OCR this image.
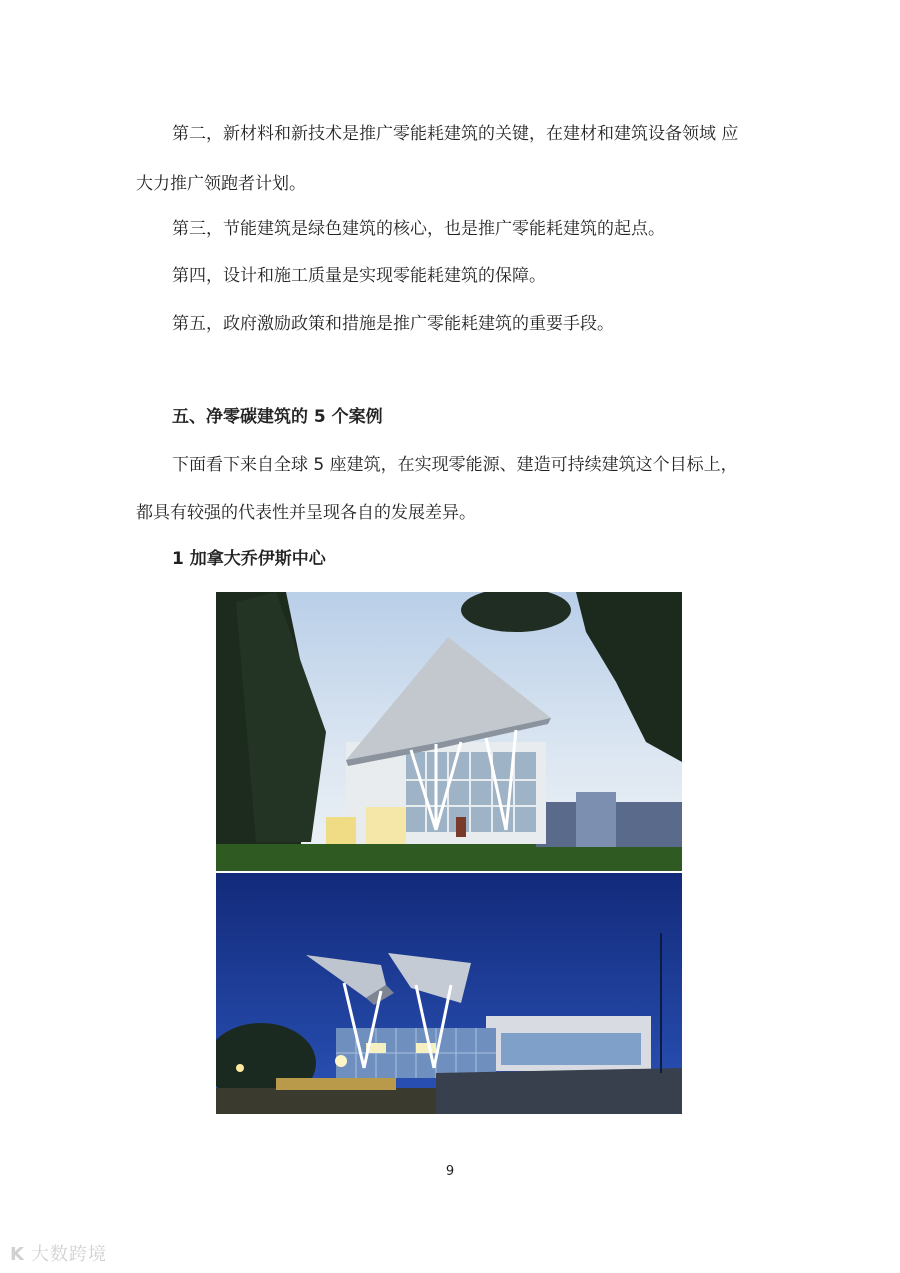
第二，新材料和新技术是推广零能耗建筑的关键，在建材和建筑设备领域 应
大力推广领跑者计划。
第三，节能建筑是绿色建筑的核心，也是推广零能耗建筑的起点。
第四，设计和施工质量是实现零能耗建筑的保障。
第五，政府激励政策和措施是推广零能耗建筑的重要手段。
五、净零碳建筑的 5 个案例
下面看下来自全球 5 座建筑，在实现零能源、建造可持续建筑这个目标上，
都具有较强的代表性并呈现各自的发展差异。
1 加拿大乔伊斯中心
9
K 大数跨境
